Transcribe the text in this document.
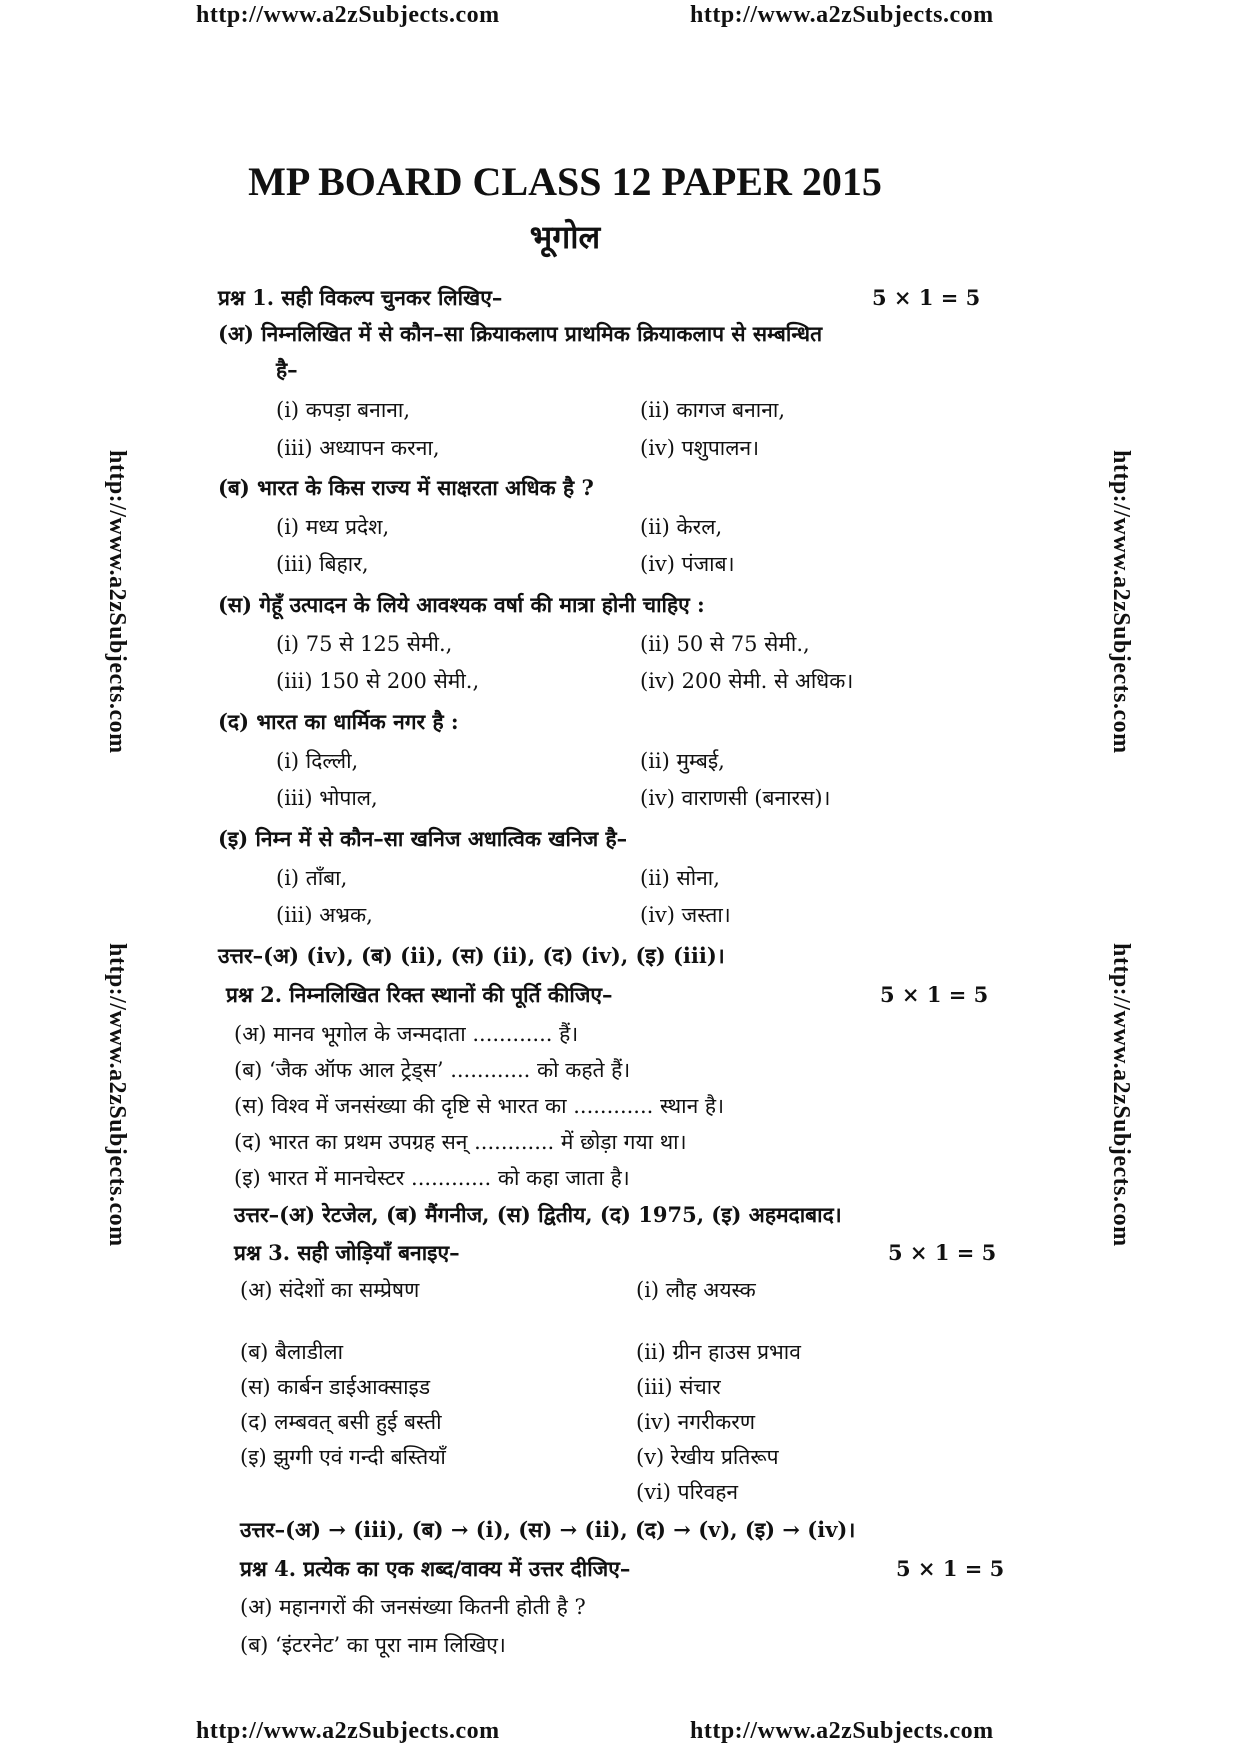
http://www.a2zSubjects.com	http://www.a2zSubjects.com
http://www.a2zSubjects.com	http://www.a2zSubjects.com
http://www.a2zSubjects.com
http://www.a2zSubjects.com
http://www.a2zSubjects.com
http://www.a2zSubjects.com
MP BOARD CLASS 12 PAPER 2015
भूगोल
प्रश्न 1. सही विकल्प चुनकर लिखिए–	5 × 1 = 5
(अ) निम्नलिखित में से कौन–सा क्रियाकलाप प्राथमिक क्रियाकलाप से सम्बन्धित
है–
(i) कपड़ा बनाना,	(ii) कागज बनाना,
(iii) अध्यापन करना,	(iv) पशुपालन।
(ब) भारत के किस राज्य में साक्षरता अधिक है ?
(i) मध्य प्रदेश,	(ii) केरल,
(iii) बिहार,	(iv) पंजाब।
(स) गेहूँ उत्पादन के लिये आवश्यक वर्षा की मात्रा होनी चाहिए :
(i) 75 से 125 सेमी.,	(ii) 50 से 75 सेमी.,
(iii) 150 से 200 सेमी.,	(iv) 200 सेमी. से अधिक।
(द) भारत का धार्मिक नगर है :
(i) दिल्ली,	(ii) मुम्बई,
(iii) भोपाल,	(iv) वाराणसी (बनारस)।
(इ) निम्न में से कौन–सा खनिज अधात्विक खनिज है–
(i) ताँबा,	(ii) सोना,
(iii) अभ्रक,	(iv) जस्ता।
उत्तर–(अ) (iv), (ब) (ii), (स) (ii), (द) (iv), (इ) (iii)।
प्रश्न 2. निम्नलिखित रिक्त स्थानों की पूर्ति कीजिए–	5 × 1 = 5
(अ) मानव भूगोल के जन्मदाता ............ हैं।
(ब) ‘जैक ऑफ आल ट्रेड्स’ ............ को कहते हैं।
(स) विश्व में जनसंख्या की दृष्टि से भारत का ............ स्थान है।
(द) भारत का प्रथम उपग्रह सन् ............ में छोड़ा गया था।
(इ) भारत में मानचेस्टर ............ को कहा जाता है।
उत्तर–(अ) रेटजेल, (ब) मैंगनीज, (स) द्वितीय, (द) 1975, (इ) अहमदाबाद।
प्रश्न 3. सही जोड़ियाँ बनाइए–	5 × 1 = 5
(अ) संदेशों का सम्प्रेषण	(i) लौह अयस्क
(ब) बैलाडीला	(ii) ग्रीन हाउस प्रभाव
(स) कार्बन डाईआक्साइड	(iii) संचार
(द) लम्बवत् बसी हुई बस्ती	(iv) नगरीकरण
(इ) झुग्गी एवं गन्दी बस्तियाँ	(v) रेखीय प्रतिरूप
(vi) परिवहन
उत्तर–(अ) → (iii), (ब) → (i), (स) → (ii), (द) → (v), (इ) → (iv)।
प्रश्न 4. प्रत्येक का एक शब्द/वाक्य में उत्तर दीजिए–	5 × 1 = 5
(अ) महानगरों की जनसंख्या कितनी होती है ?
(ब) ‘इंटरनेट’ का पूरा नाम लिखिए।
